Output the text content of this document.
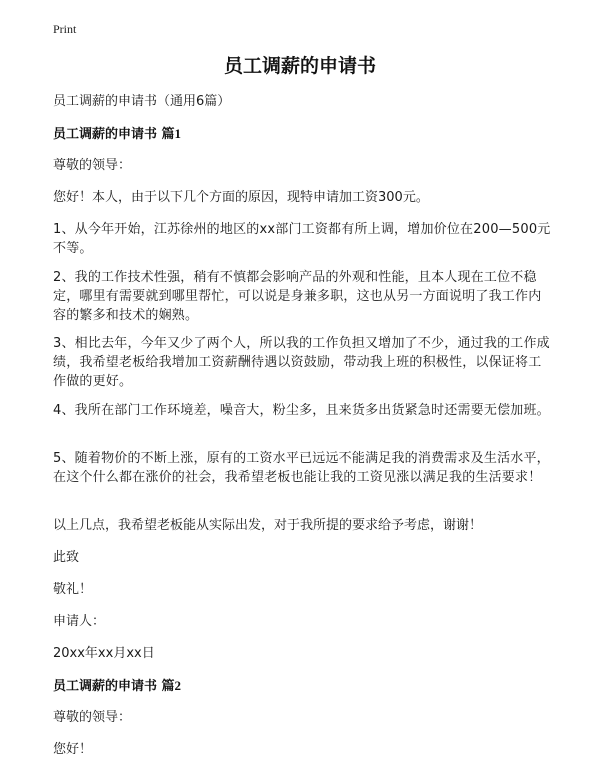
Print
员工调薪的申请书
员工调薪的申请书（通用6篇）
员工调薪的申请书 篇1
尊敬的领导：
您好！本人，由于以下几个方面的原因，现特申请加工资300元。
1、从今年开始，江苏徐州的地区的xx部门工资都有所上调，增加价位在200—500元不等。
2、我的工作技术性强，稍有不慎都会影响产品的外观和性能，且本人现在工位不稳定，哪里有需要就到哪里帮忙，可以说是身兼多职，这也从另一方面说明了我工作内容的繁多和技术的娴熟。
3、相比去年，今年又少了两个人，所以我的工作负担又增加了不少，通过我的工作成绩，我希望老板给我增加工资薪酬待遇以资鼓励，带动我上班的积极性，以保证将工作做的更好。
4、我所在部门工作环境差，噪音大，粉尘多，且来货多出货紧急时还需要无偿加班。
5、随着物价的不断上涨，原有的工资水平已远远不能满足我的消费需求及生活水平，在这个什么都在涨价的社会，我希望老板也能让我的工资见涨以满足我的生活要求！
以上几点，我希望老板能从实际出发，对于我所提的要求给予考虑，谢谢！
此致
敬礼！
申请人：
20xx年xx月xx日
员工调薪的申请书 篇2
尊敬的领导：
您好！
